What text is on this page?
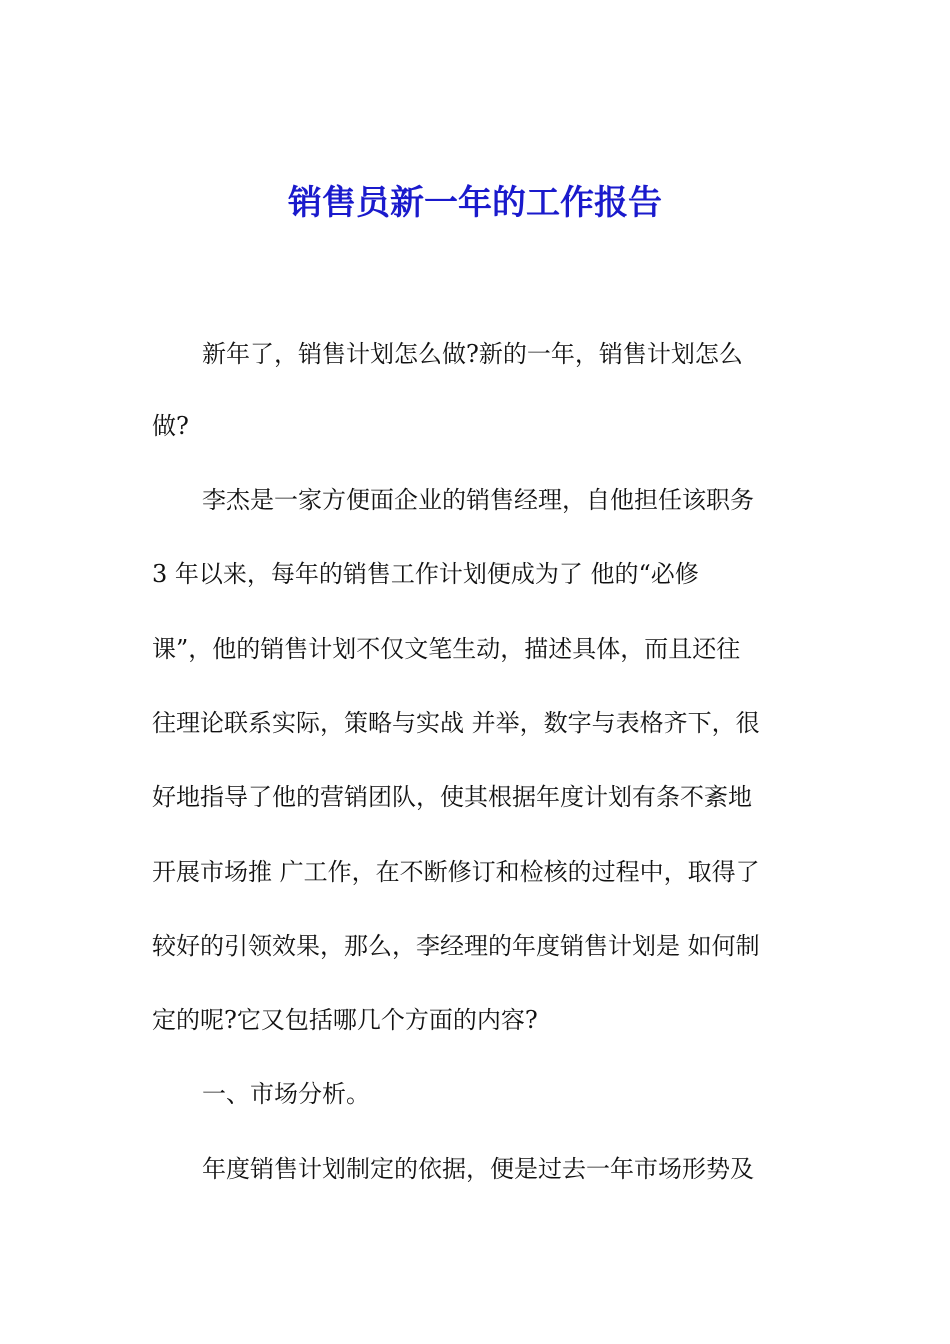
销售员新一年的工作报告

新年了，销售计划怎么做?新的一年，销售计划怎么

做?

李杰是一家方便面企业的销售经理，自他担任该职务

3 年以来，每年的销售工作计划便成为了 他的“必修

课”，他的销售计划不仅文笔生动，描述具体，而且还往

往理论联系实际，策略与实战 并举，数字与表格齐下，很

好地指导了他的营销团队，使其根据年度计划有条不紊地

开展市场推 广工作，在不断修订和检核的过程中，取得了

较好的引领效果，那么，李经理的年度销售计划是 如何制

定的呢?它又包括哪几个方面的内容?

一、市场分析。

年度销售计划制定的依据，便是过去一年市场形势及
